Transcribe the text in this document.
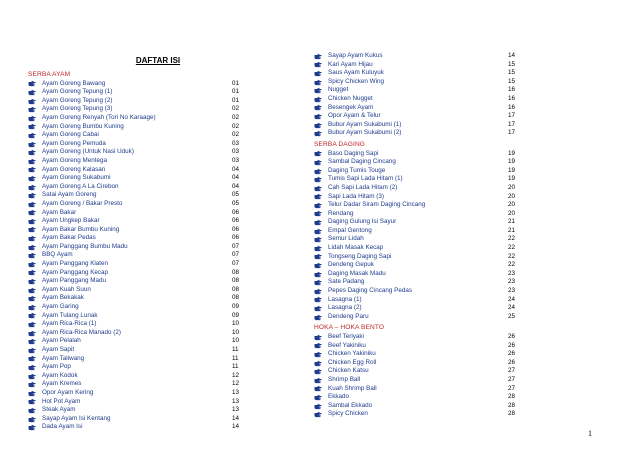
DAFTAR ISI
SERBA AYAM
Ayam Goreng Bawang	01
Ayam Goreng Tepung (1)	01
Ayam Goreng Tepung (2)	01
Ayam Goreng Tepung (3)	02
Ayam Goreng Renyah (Tori No Karaage)	02
Ayam Goreng Bumbu Kuning	02
Ayam Goreng Cabai	02
Ayam Goreng Pemuda	03
Ayam Goreng (Untuk Nasi Uduk)	03
Ayam Goreng Mentega	03
Ayam Goreng Kalasan	04
Ayam Goreng Sukabumi	04
Ayam Goreng A La Cirebon	04
Satai Ayam Goreng	05
Ayam Goreng / Bakar Presto	05
Ayam Bakar	06
Ayam Ungkep Bakar	06
Ayam Bakar Bumbu Kuning	06
Ayam Bakar Pedas	06
Ayam Panggang Bumbu Madu	07
BBQ Ayam	07
Ayam Panggang Klaten	07
Ayam Panggang Kecap	08
Ayam Panggang Madu	08
Ayam Kuah Suun	08
Ayam Bekakak	08
Ayam Garing	09
Ayam Tulang Lunak	09
Ayam Rica-Rica (1)	10
Ayam Rica-Rica Manado (2)	10
Ayam Pelalah	10
Ayam Sapit	11
Ayam Taliwang	11
Ayam Pop	11
Ayam Kodok	12
Ayam Kremes	12
Opor Ayam Kering	13
Hot Pot Ayam	13
Steak Ayam	13
Sayap Ayam Isi Kentang	14
Dada Ayam Isi	14
Sayap Ayam Kukus	14
Kari Ayam Hijau	15
Saus Ayam Kuluyuk	15
Spicy Chicken Wing	15
Nugget	16
Chicken Nugget	16
Besengek Ayam	16
Opor Ayam & Telur	17
Bubur Ayam Sukabumi (1)	17
Bubur Ayam Sukabumi (2)	17
SERBA DAGING
Baso Daging Sapi	19
Sambal Daging Cincang	19
Daging Tumis Touge	19
Tumis Sapi Lada Hitam (1)	19
Cah Sapi Lada Hitam (2)	20
Sapi Lada Hitam (3)	20
Telur Dadar Siram Daging Cincang	20
Rendang	20
Daging Gulung Isi Sayur	21
Empal Gentong	21
Semur Lidah	22
Lidah Masak Kecap	22
Tongseng Daging Sapi	22
Dendeng Gepuk	22
Daging Masak Madu	23
Sate Padang	23
Pepes Daging Cincang Pedas	23
Lasagna (1)	24
Lasagna (2)	24
Dendeng Paru	25
HOKA – HOKA BENTO
Beef Teriyaki	26
Beef Yakiniku	26
Chicken Yakiniku	26
Chicken Egg Roll	26
Chicken Katsu	27
Shrimp Ball	27
Kuah Shrimp Ball	27
Ekkado	28
Sambal Ekkado	28
Spicy Chicken	28
1
